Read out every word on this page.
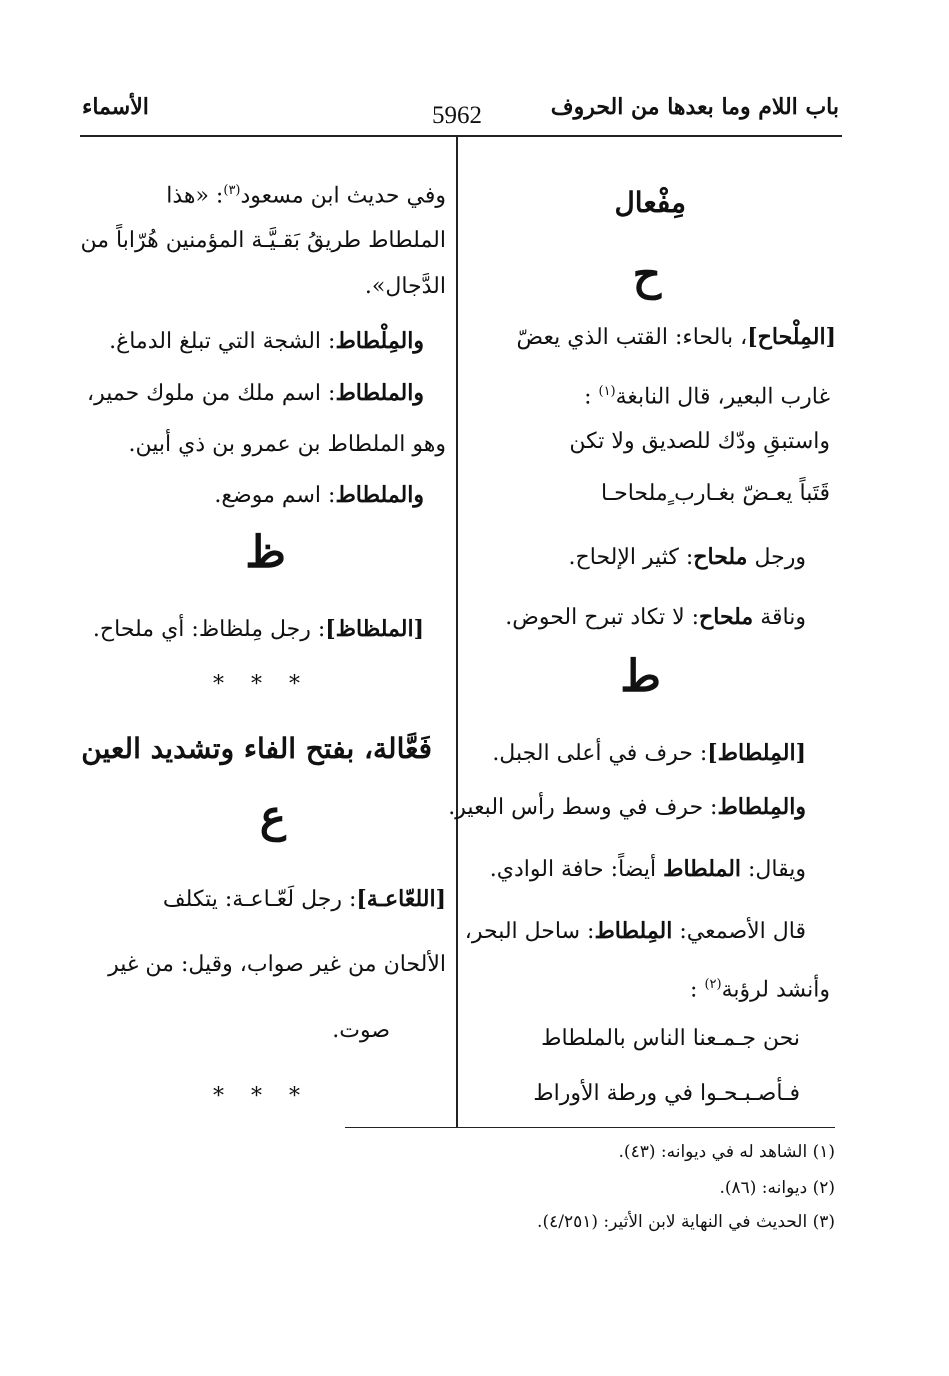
باب اللام وما بعدها من الحروف
5962
الأسماء
مِفْعال
ح
[المِلْحاح]، بالحاء: القتب الذي يعضّ
غارب البعير، قال النابغة$^{(١)}$ :
واستبقِ ودّك للصديق ولا تكن
قَتَباً يعـضّ بغـارب ٍملحاحـا
ورجل ملحاح: كثير الإلحاح.
وناقة ملحاح: لا تكاد تبرح الحوض.
ط
[المِلطاط]: حرف في أعلى الجبل.
والمِلطاط: حرف في وسط رأس البعير.
ويقال: الملطاط أيضاً: حافة الوادي.
قال الأصمعي: المِلطاط: ساحل البحر،
وأنشد لرؤبة$^{(٢)}$ :
نحن جـمـعنا الناس بالملطاط
فـأصـبـحـوا في ورطة الأوراط
وفي حديث ابن مسعود$^{(٣)}$: «هذا
الملطاط طريقُ بَقـيَّـة المؤمنين هُرّاباً من
الدَّجال».
والمِلْطاط: الشجة التي تبلغ الدماغ.
والملطاط: اسم ملك من ملوك حمير،
وهو الملطاط بن عمرو بن ذي أبين.
والملطاط: اسم موضع.
ظ
[الملظاظ]: رجل مِلظاظ: أي ملحاح.
* * *
فَعَّالة، بفتح الفاء وتشديد العين
ع
[اللعّاعـة]: رجل لَعّـاعـة: يتكلف
الألحان من غير صواب، وقيل: من غير
صوت.
* * *
(١) الشاهد له في ديوانه: (٤٣).
(٢) ديوانه: (٨٦).
(٣) الحديث في النهاية لابن الأثير: (٤/٢٥١).
